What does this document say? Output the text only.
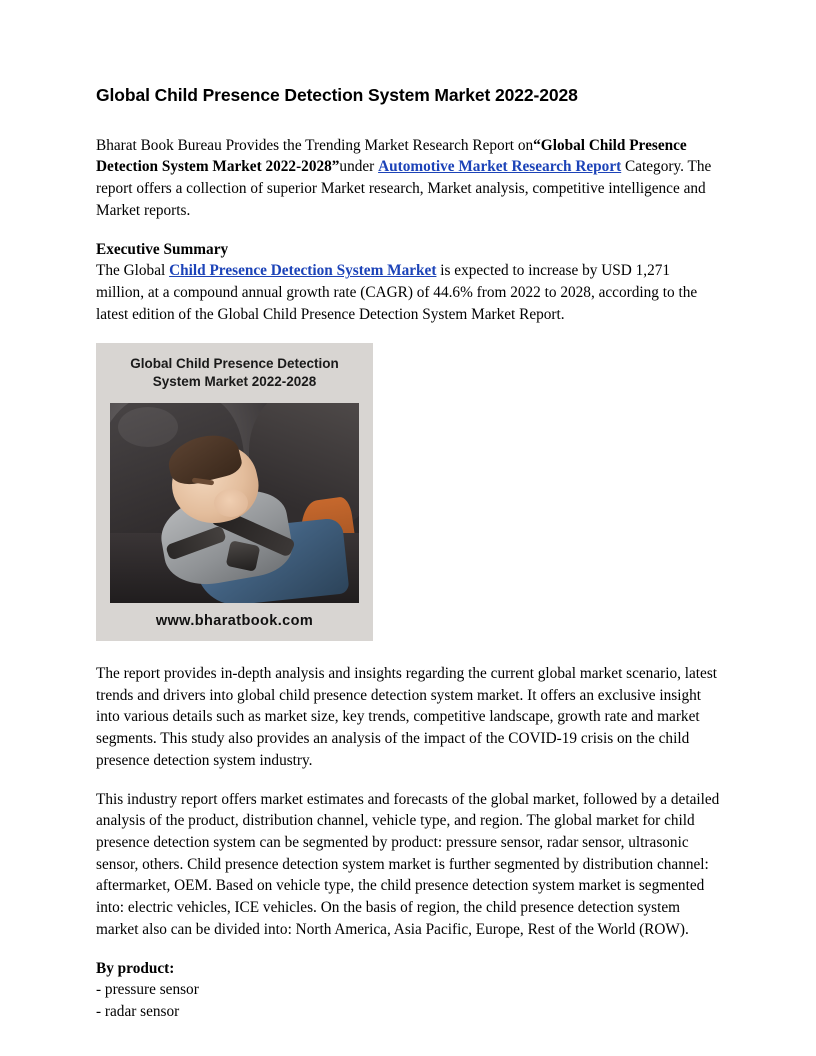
Global Child Presence Detection System Market 2022-2028

Bharat Book Bureau Provides the Trending Market Research Report on“Global Child Presence Detection System Market 2022-2028”under Automotive Market Research Report Category. The report offers a collection of superior Market research, Market analysis, competitive intelligence and Market reports.

Executive Summary
The Global Child Presence Detection System Market is expected to increase by USD 1,271 million, at a compound annual growth rate (CAGR) of 44.6% from 2022 to 2028, according to the latest edition of the Global Child Presence Detection System Market Report.

Global Child Presence Detection
System Market 2022-2028
www.bharatbook.com

The report provides in-depth analysis and insights regarding the current global market scenario, latest trends and drivers into global child presence detection system market. It offers an exclusive insight into various details such as market size, key trends, competitive landscape, growth rate and market segments. This study also provides an analysis of the impact of the COVID-19 crisis on the child presence detection system industry.

This industry report offers market estimates and forecasts of the global market, followed by a detailed analysis of the product, distribution channel, vehicle type, and region. The global market for child presence detection system can be segmented by product: pressure sensor, radar sensor, ultrasonic sensor, others. Child presence detection system market is further segmented by distribution channel: aftermarket, OEM. Based on vehicle type, the child presence detection system market is segmented into: electric vehicles, ICE vehicles. On the basis of region, the child presence detection system market also can be divided into: North America, Asia Pacific, Europe, Rest of the World (ROW).

By product:
- pressure sensor
- radar sensor
